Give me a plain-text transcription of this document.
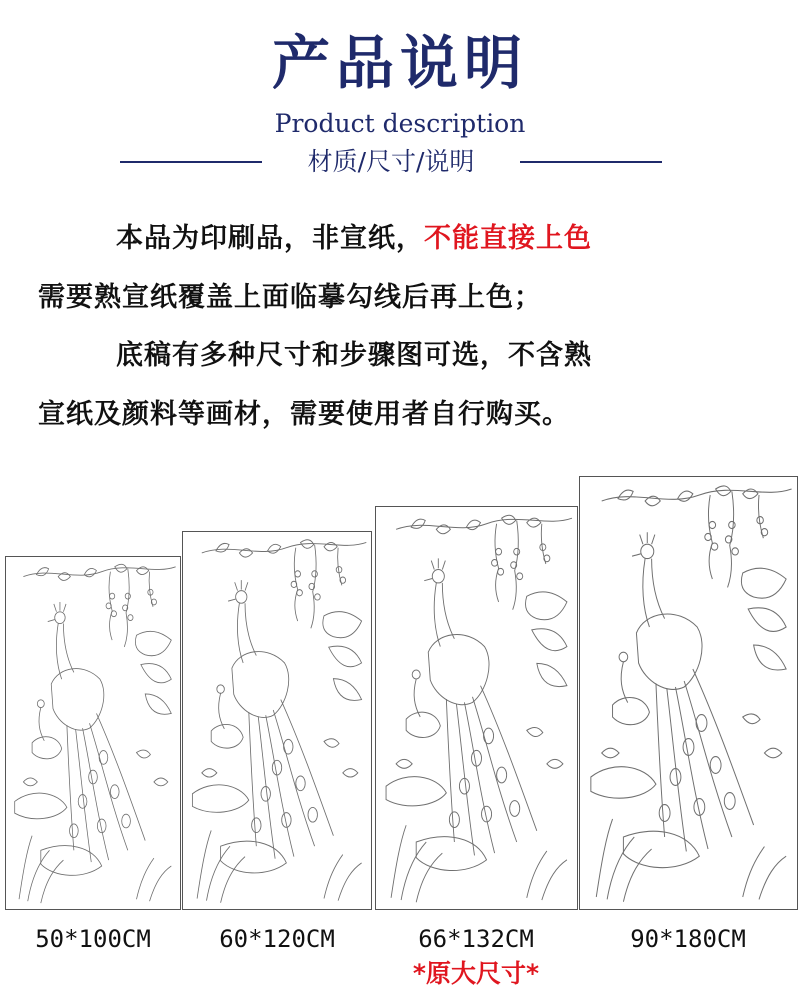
产品说明
Product description
材质/尺寸/说明
本品为印刷品，非宣纸，不能直接上色
需要熟宣纸覆盖上面临摹勾线后再上色；
底稿有多种尺寸和步骤图可选，不含熟
宣纸及颜料等画材，需要使用者自行购买。
50*100CM	60*120CM	66*132CM	90*180CM
*原大尺寸*
